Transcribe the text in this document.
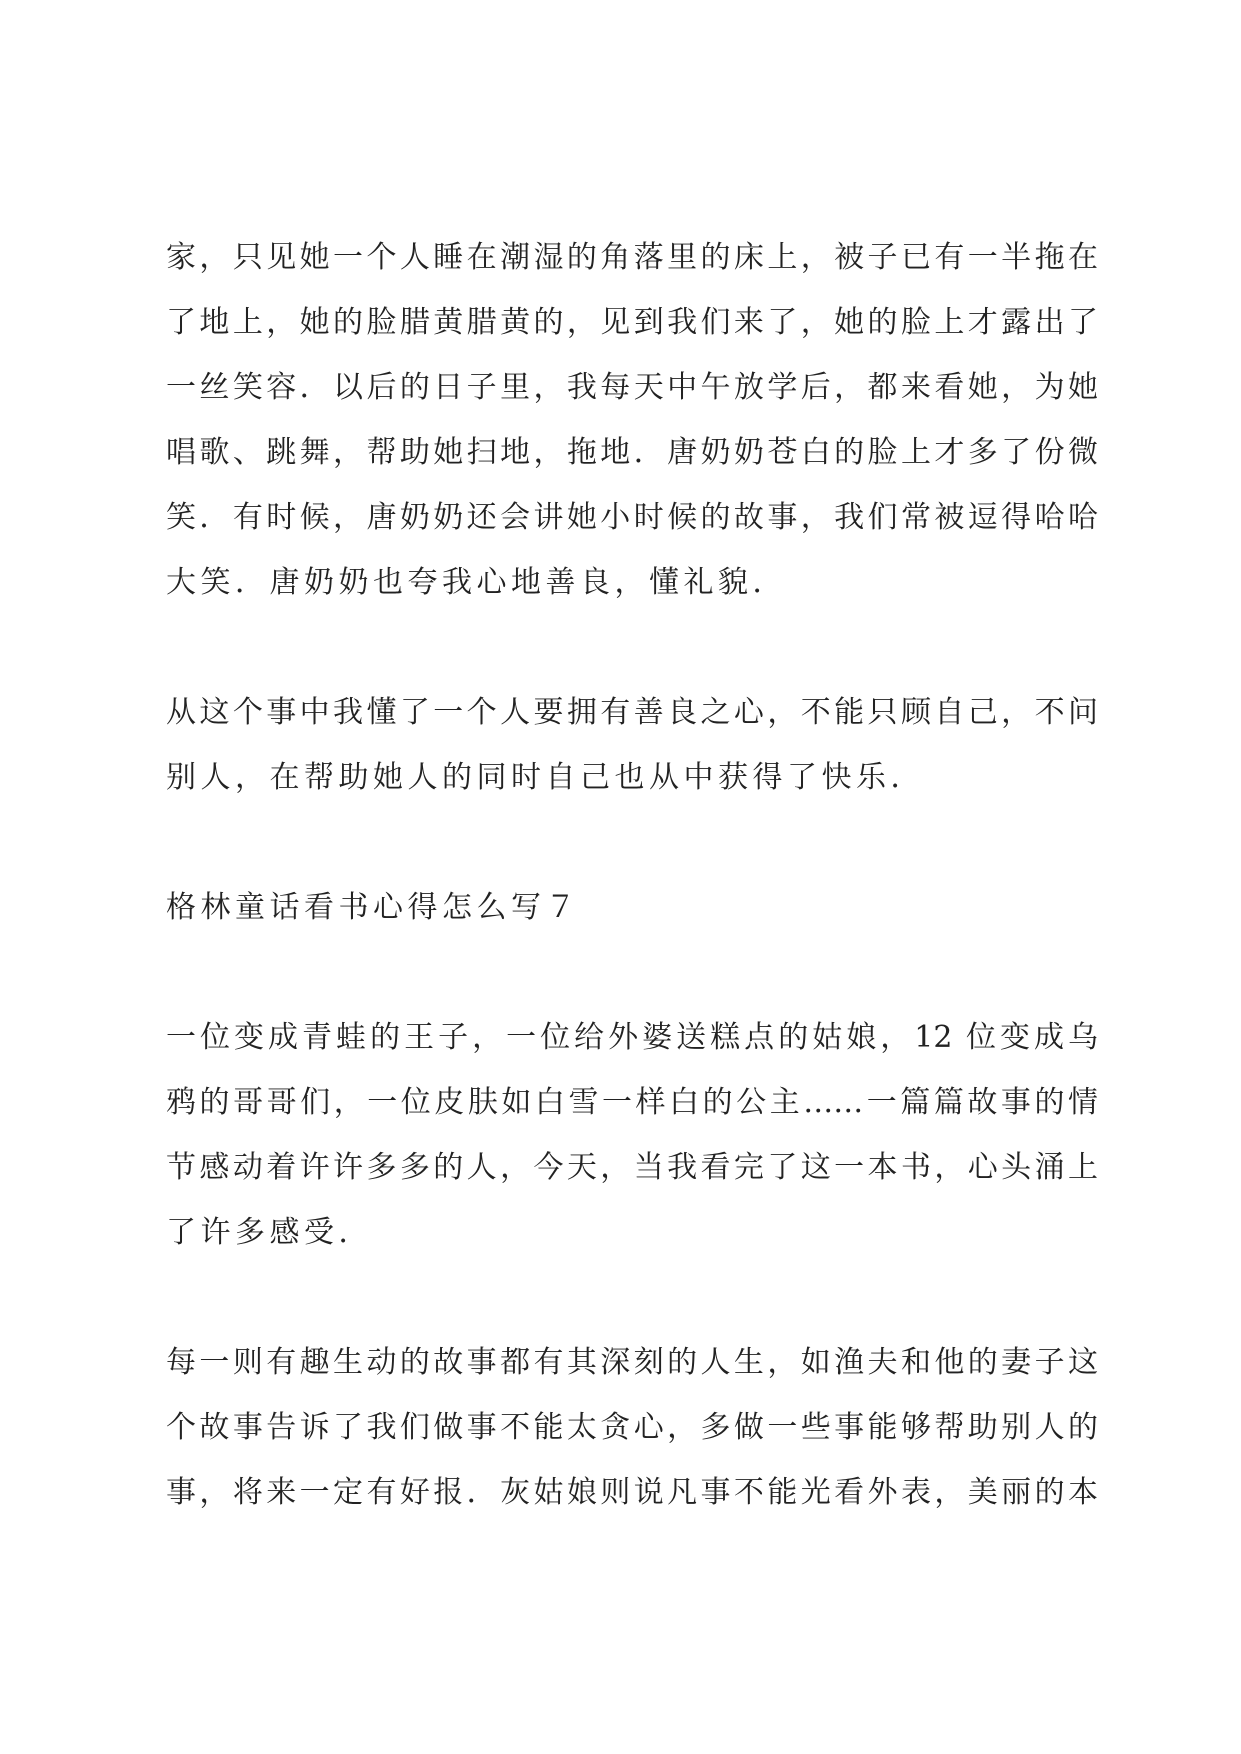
家，只见她一个人睡在潮湿的角落里的床上，被子已有一半拖在
了地上，她的脸腊黄腊黄的，见到我们来了，她的脸上才露出了
一丝笑容．以后的日子里，我每天中午放学后，都来看她，为她
唱歌、跳舞，帮助她扫地，拖地．唐奶奶苍白的脸上才多了份微
笑．有时候，唐奶奶还会讲她小时候的故事，我们常被逗得哈哈
大笑．唐奶奶也夸我心地善良，懂礼貌．
从这个事中我懂了一个人要拥有善良之心，不能只顾自己，不问
别人，在帮助她人的同时自己也从中获得了快乐．
格林童话看书心得怎么写７
一位变成青蛙的王子，一位给外婆送糕点的姑娘，12 位变成乌
鸦的哥哥们，一位皮肤如白雪一样白的公主……一篇篇故事的情
节感动着许许多多的人，今天，当我看完了这一本书，心头涌上
了许多感受．
每一则有趣生动的故事都有其深刻的人生，如渔夫和他的妻子这
个故事告诉了我们做事不能太贪心，多做一些事能够帮助别人的
事，将来一定有好报．灰姑娘则说凡事不能光看外表，美丽的本
